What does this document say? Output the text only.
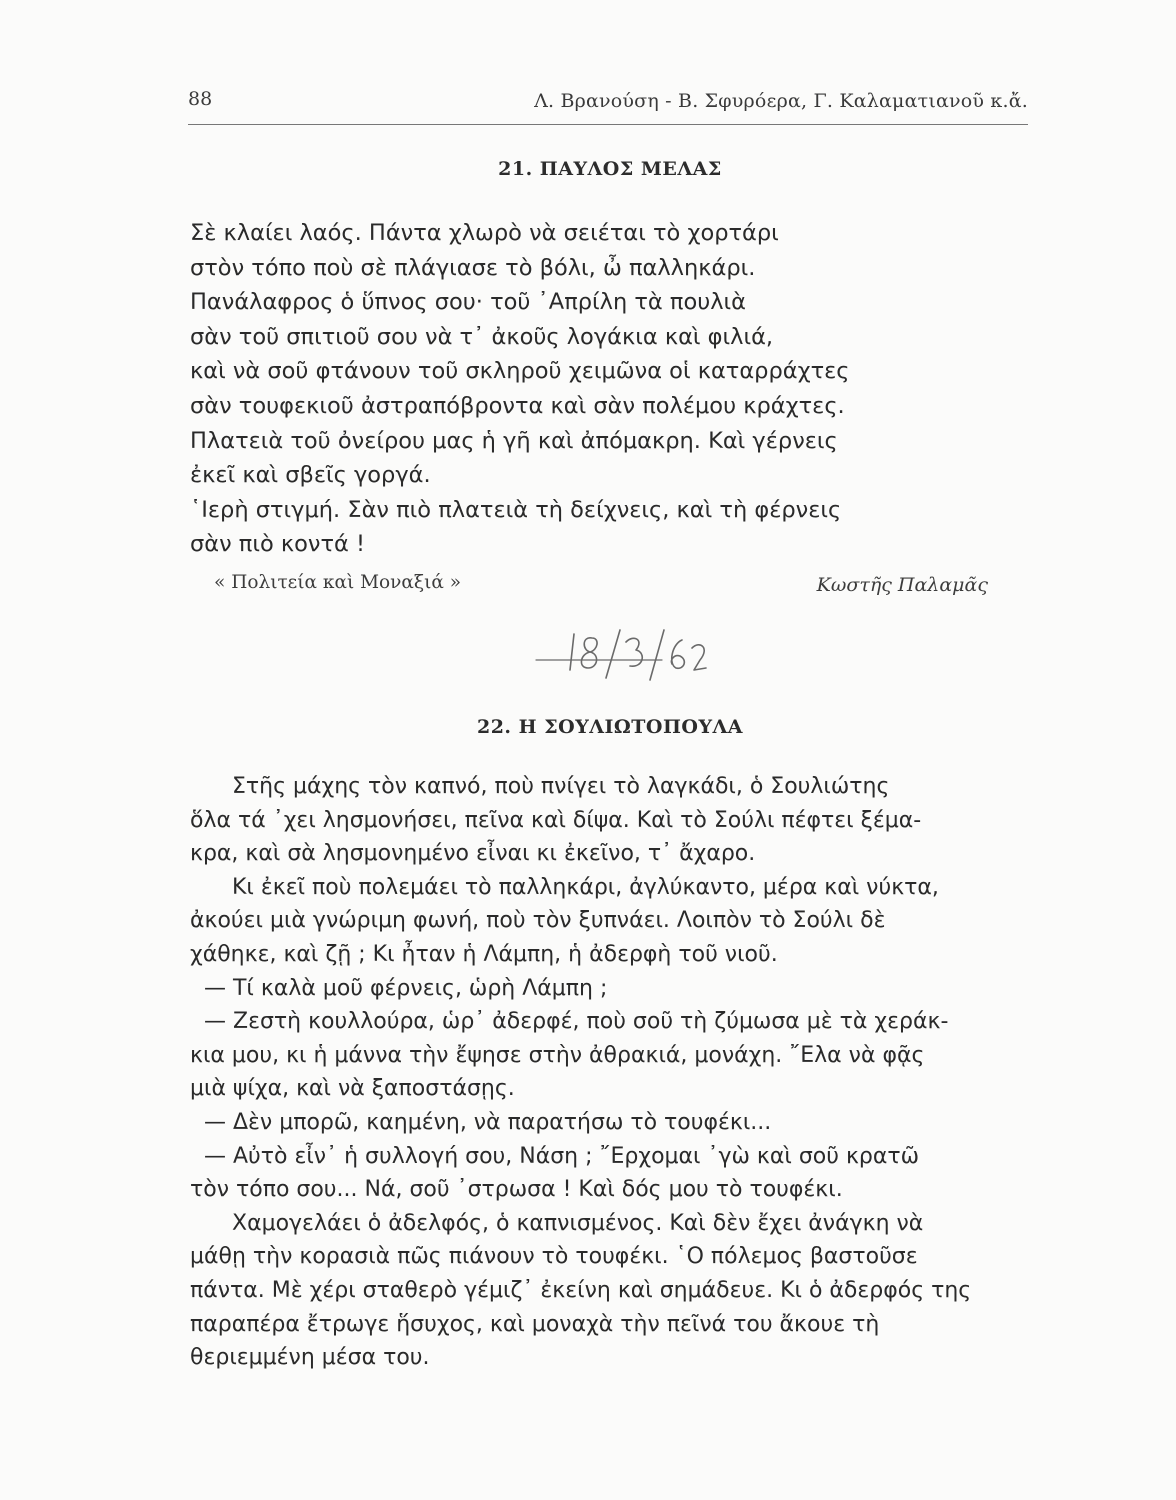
88	Λ. Βρανούση - Β. Σφυρόερα, Γ. Καλαματιανοῦ κ.ἄ.
21. ΠΑΥΛΟΣ ΜΕΛΑΣ
Σὲ κλαίει λαός. Πάντα χλωρὸ νὰ σειέται τὸ χορτάρι
στὸν τόπο ποὺ σὲ πλάγιασε τὸ βόλι, ὦ παλληκάρι.
Πανάλαφρος ὁ ὕπνος σου· τοῦ ᾿Απρίλη τὰ πουλιὰ
σὰν τοῦ σπιτιοῦ σου νὰ τ᾿ ἀκοῦς λογάκια καὶ φιλιά,
καὶ νὰ σοῦ φτάνουν τοῦ σκληροῦ χειμῶνα οἱ καταρράχτες
σὰν τουφεκιοῦ ἀστραπόβροντα καὶ σὰν πολέμου κράχτες.
Πλατειὰ τοῦ ὀνείρου μας ἡ γῆ καὶ ἀπόμακρη. Καὶ γέρνεις
ἐκεῖ καὶ σβεῖς γοργά.
῾Ιερὴ στιγμή. Σὰν πιὸ πλατειὰ τὴ δείχνεις, καὶ τὴ φέρνεις
σὰν πιὸ κοντά !
« Πολιτεία καὶ Μοναξιά »	Κωστῆς Παλαμᾶς
22. Η ΣΟΥΛΙΩΤΟΠΟΥΛΑ
Στῆς μάχης τὸν καπνό, ποὺ πνίγει τὸ λαγκάδι, ὁ Σουλιώτης
ὅλα τά ᾿χει λησμονήσει, πεῖνα καὶ δίψα. Καὶ τὸ Σούλι πέφτει ξέμα-
κρα, καὶ σὰ λησμονημένο εἶναι κι ἐκεῖνο, τ᾿ ἄχαρο.
Κι ἐκεῖ ποὺ πολεμάει τὸ παλληκάρι, ἀγλύκαντο, μέρα καὶ νύκτα,
ἀκούει μιὰ γνώριμη φωνή, ποὺ τὸν ξυπνάει. Λοιπὸν τὸ Σούλι δὲ
χάθηκε, καὶ ζῇ ; Κι ἦταν ἡ Λάμπη, ἡ ἀδερφὴ τοῦ νιοῦ.
— Τί καλὰ μοῦ φέρνεις, ὡρὴ Λάμπη ;
— Ζεστὴ κουλλούρα, ὡρ᾿ ἀδερφέ, ποὺ σοῦ τὴ ζύμωσα μὲ τὰ χεράκ-
κια μου, κι ἡ μάννα τὴν ἔψησε στὴν ἀθρακιά, μονάχη. ῎Ελα νὰ φᾷς
μιὰ ψίχα, καὶ νὰ ξαποστάσῃς.
— Δὲν μπορῶ, καημένη, νὰ παρατήσω τὸ τουφέκι...
— Αὐτὸ εἶν᾿ ἡ συλλογή σου, Νάση ; ῎Ερχομαι ᾿γὼ καὶ σοῦ κρατῶ
τὸν τόπο σου... Νά, σοῦ ᾿στρωσα ! Καὶ δός μου τὸ τουφέκι.
Χαμογελάει ὁ ἀδελφός, ὁ καπνισμένος. Καὶ δὲν ἔχει ἀνάγκη νὰ
μάθῃ τὴν κορασιὰ πῶς πιάνουν τὸ τουφέκι. ῾Ο πόλεμος βαστοῦσε
πάντα. Μὲ χέρι σταθερὸ γέμιζ᾿ ἐκείνη καὶ σημάδευε. Κι ὁ ἀδερφός της
παραπέρα ἔτρωγε ἥσυχος, καὶ μοναχὰ τὴν πεῖνά του ἄκουε τὴ
θεριεμμένη μέσα του.
